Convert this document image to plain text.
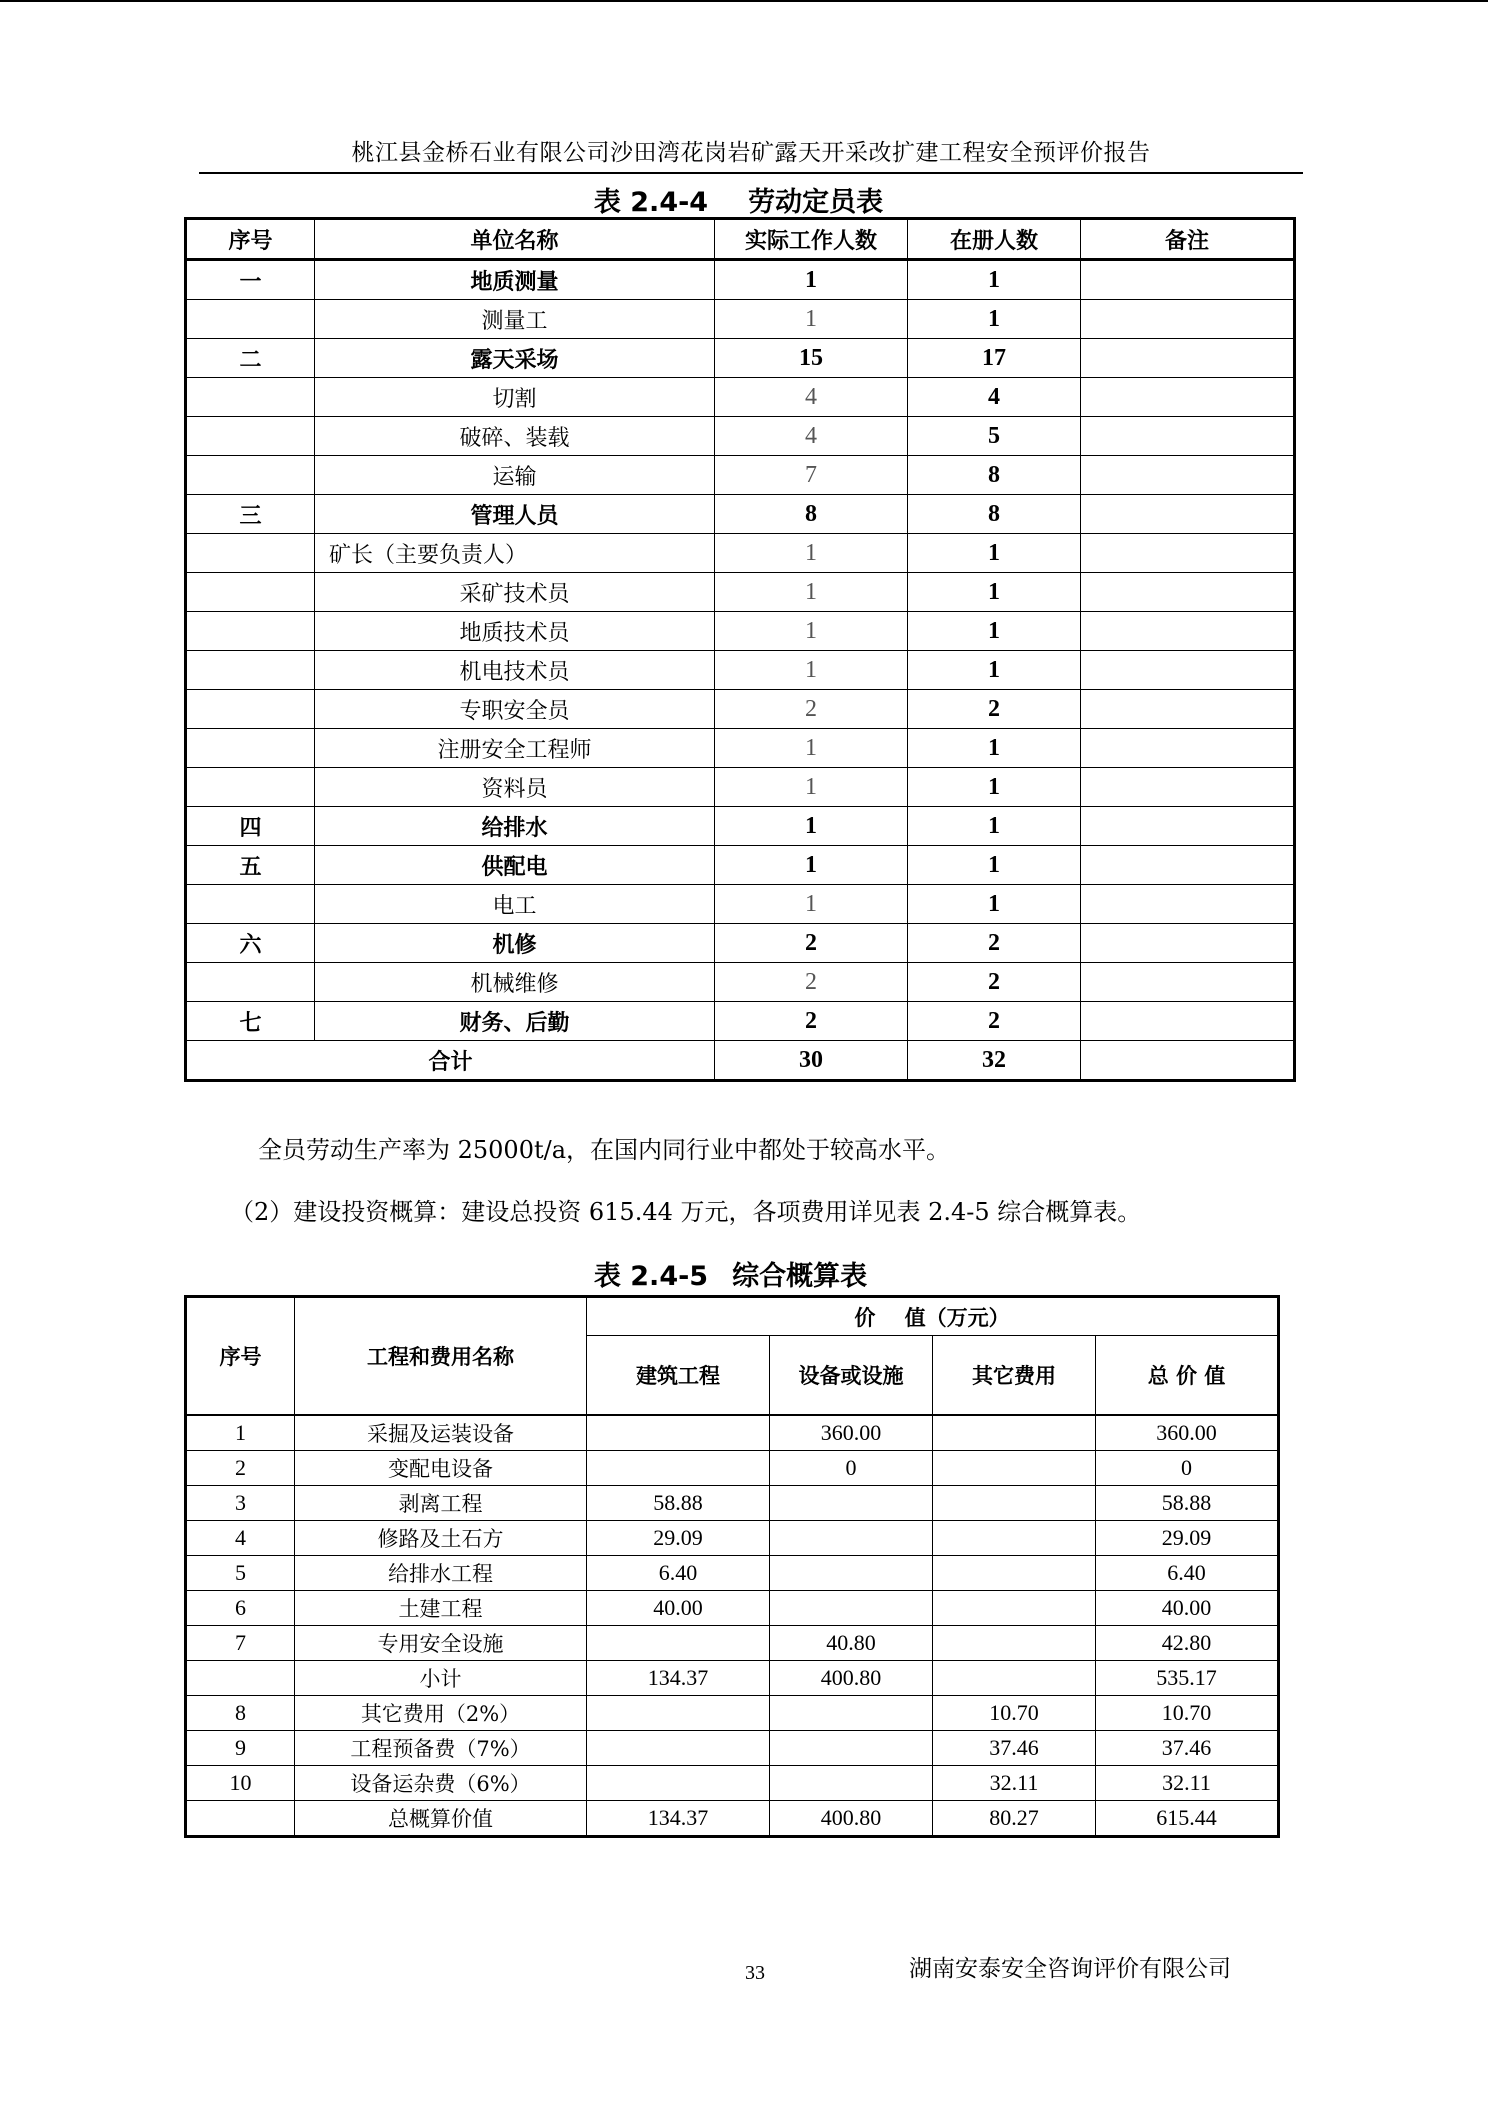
桃江县金桥石业有限公司沙田湾花岗岩矿露天开采改扩建工程安全预评价报告
表 2.4-4 劳动定员表
序号	单位名称	实际工作人数	在册人数	备注
一	地质测量	1	1	
	测量工	1	1	
二	露天采场	15	17	
	切割	4	4	
	破碎、装载	4	5	
	运输	7	8	
三	管理人员	8	8	
	矿长（主要负责人）	1	1	
	采矿技术员	1	1	
	地质技术员	1	1	
	机电技术员	1	1	
	专职安全员	2	2	
	注册安全工程师	1	1	
	资料员	1	1	
四	给排水	1	1	
五	供配电	1	1	
	电工	1	1	
六	机修	2	2	
	机械维修	2	2	
七	财务、后勤	2	2	
合计		30	32	
全员劳动生产率为 25000t/a，在国内同行业中都处于较高水平。
（2）建设投资概算：建设总投资 615.44 万元，各项费用详见表 2.4-5 综合概算表。
表 2.4-5 综合概算表
序号	工程和费用名称	价    值（万元）			
		建筑工程	设备或设施	其它费用	总 价 值
1	采掘及运装设备		360.00		360.00
2	变配电设备		0		0
3	剥离工程	58.88			58.88
4	修路及土石方	29.09			29.09
5	给排水工程	6.40			6.40
6	土建工程	40.00			40.00
7	专用安全设施		40.80		42.80
	小计	134.37	400.80		535.17
8	其它费用（2%）			10.70	10.70
9	工程预备费（7%）			37.46	37.46
10	设备运杂费（6%）			32.11	32.11
	总概算价值	134.37	400.80	80.27	615.44
33	湖南安泰安全咨询评价有限公司
